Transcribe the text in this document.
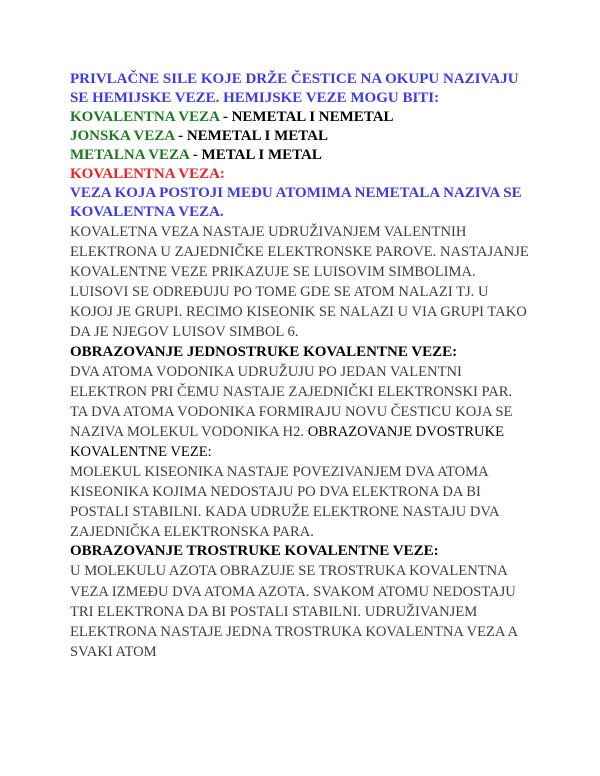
PRIVLAČNE SILE KOJE DRŽE ČESTICE NA OKUPU NAZIVAJU SE HEMIJSKE VEZE. HEMIJSKE VEZE MOGU BITI:
KOVALENTNA VEZA - NEMETAL I NEMETAL
JONSKA VEZA - NEMETAL I METAL
METALNA VEZA - METAL I METAL
KOVALENTNA VEZA:
VEZA KOJA POSTOJI MEĐU ATOMIMA NEMETALA NAZIVA SE KOVALENTNA VEZA.
KOVALETNA VEZA NASTAJE UDRUŽIVANJEM VALENTNIH ELEKTRONA U ZAJEDNIČKE ELEKTRONSKE PAROVE. NASTAJANJE KOVALENTNE VEZE PRIKAZUJE SE LUISOVIM SIMBOLIMA. LUISOVI SE ODREĐUJU PO TOME GDE SE ATOM NALAZI TJ. U KOJOJ JE GRUPI. RECIMO KISEONIK SE NALAZI U VIA GRUPI TAKO DA JE NJEGOV LUISOV SIMBOL 6.
OBRAZOVANJE JEDNOSTRUKE KOVALENTNE VEZE:
DVA ATOMA VODONIKA UDRUŽUJU PO JEDAN VALENTNI ELEKTRON PRI ČEMU NASTAJE ZAJEDNIČKI ELEKTRONSKI PAR. TA DVA ATOMA VODONIKA FORMIRAJU NOVU ČESTICU KOJA SE NAZIVA MOLEKUL VODONIKA H2. OBRAZOVANJE DVOSTRUKE KOVALENTNE VEZE:
MOLEKUL KISEONIKA NASTAJE POVEZIVANJEM DVA ATOMA KISEONIKA KOJIMA NEDOSTAJU PO DVA ELEKTRONA DA BI POSTALI STABILNI. KADA UDRUŽE ELEKTRONE NASTAJU DVA ZAJEDNIČKA ELEKTRONSKA PARA.
OBRAZOVANJE TROSTRUKE KOVALENTNE VEZE:
U MOLEKULU AZOTA OBRAZUJE SE TROSTRUKA KOVALENTNA VEZA IZMEĐU DVA ATOMA AZOTA. SVAKOM ATOMU NEDOSTAJU TRI ELEKTRONA DA BI POSTALI STABILNI. UDRUŽIVANJEM ELEKTRONA NASTAJE JEDNA TROSTRUKA KOVALENTNA VEZA A SVAKI ATOM
